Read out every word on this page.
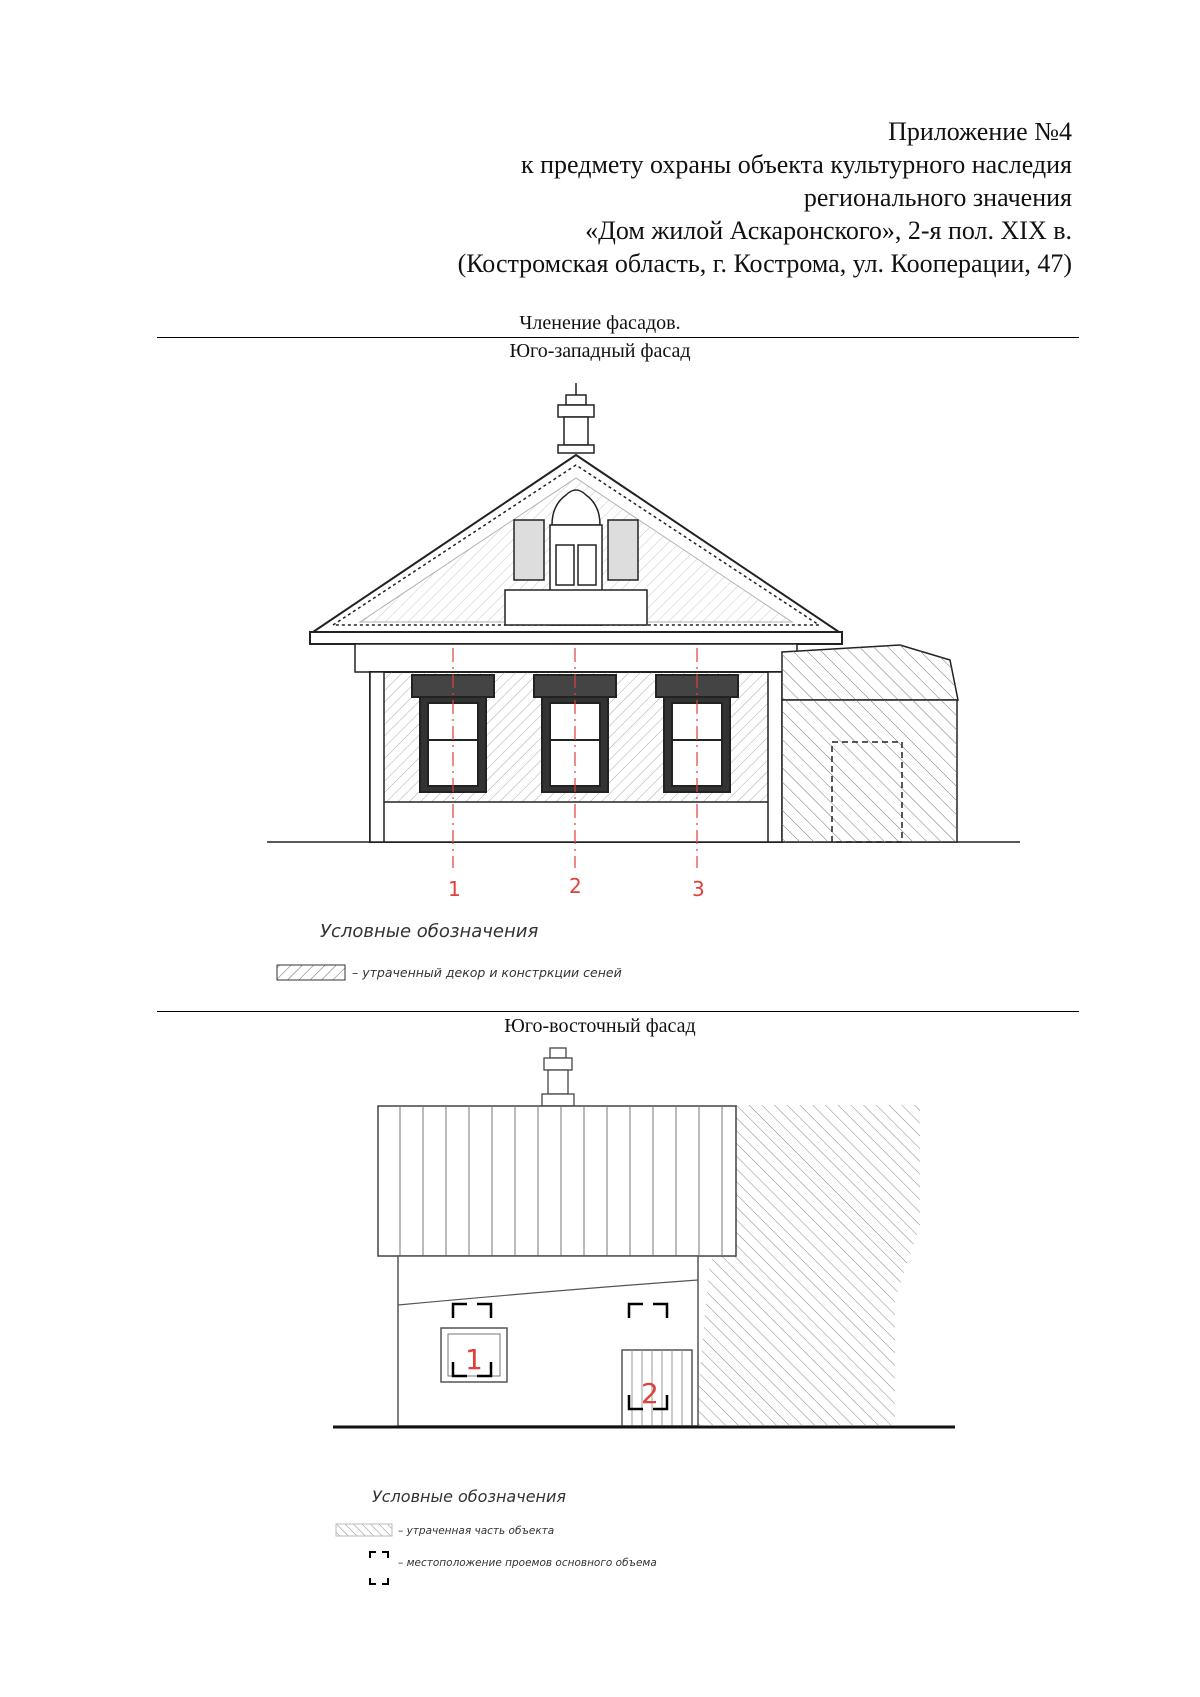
Приложение №4
к предмету охраны объекта культурного наследия
регионального значения
«Дом жилой Аскаронского», 2-я пол. XIX в.
(Костромская область, г. Кострома, ул. Кооперации, 47)
Членение фасадов.
Юго-западный фасад
1	2	3
Условные обозначения
– утраченный декор и констркции сеней
Юго-восточный фасад
1
2
Условные обозначения
– утраченная часть объекта
– местоположение проемов основного объема
